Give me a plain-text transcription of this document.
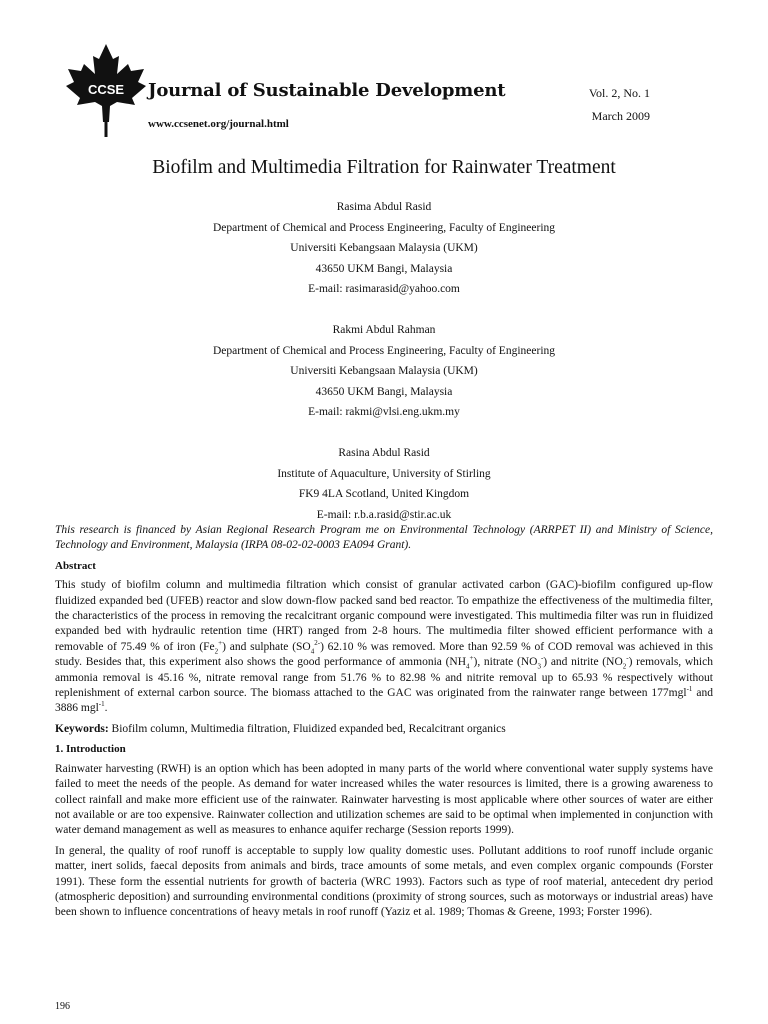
CCSE Journal of Sustainable Development
www.ccsenet.org/journal.html
Vol. 2, No. 1
March 2009
Biofilm and Multimedia Filtration for Rainwater Treatment
Rasima Abdul Rasid
Department of Chemical and Process Engineering, Faculty of Engineering
Universiti Kebangsaan Malaysia (UKM)
43650 UKM Bangi, Malaysia
E-mail: rasimarasid@yahoo.com
Rakmi Abdul Rahman
Department of Chemical and Process Engineering, Faculty of Engineering
Universiti Kebangsaan Malaysia (UKM)
43650 UKM Bangi, Malaysia
E-mail: rakmi@vlsi.eng.ukm.my
Rasina Abdul Rasid
Institute of Aquaculture, University of Stirling
FK9 4LA Scotland, United Kingdom
E-mail: r.b.a.rasid@stir.ac.uk

This research is financed by Asian Regional Research Program me on Environmental Technology (ARRPET II) and Ministry of Science, Technology and Environment, Malaysia (IRPA 08-02-02-0003 EA094 Grant).

Abstract

This study of biofilm column and multimedia filtration which consist of granular activated carbon (GAC)-biofilm configured up-flow fluidized expanded bed (UFEB) reactor and slow down-flow packed sand bed reactor. To empathize the effectiveness of the multimedia filter, the characteristics of the process in removing the recalcitrant organic compound were investigated. This multimedia filter was run in fluidized expanded bed with hydraulic retention time (HRT) ranged from 2-8 hours. The multimedia filter showed efficient performance with a removable of 75.49 % of iron $(Fe_2^+)$ and sulphate $(SO_4^{2-})$ 62.10 % was removed. More than 92.59 % of COD removal was achieved in this study. Besides that, this experiment also shows the good performance of ammonia $(NH_4^+)$, nitrate $(NO_3^-)$ and nitrite $(NO_2^-)$ removals, which ammonia removal is 45.16 %, nitrate removal range from 51.76 % to 82.98 % and nitrite removal up to 65.93 % respectively without replenishment of external carbon source. The biomass attached to the GAC was originated from the rainwater range between 177mgl$^{-1}$ and 3886 mgl$^{-1}$.

Keywords: Biofilm column, Multimedia filtration, Fluidized expanded bed, Recalcitrant organics

1. Introduction

Rainwater harvesting (RWH) is an option which has been adopted in many parts of the world where conventional water supply systems have failed to meet the needs of the people. As demand for water increased whiles the water resources is limited, there is a growing awareness to collect rainfall and make more efficient use of the rainwater. Rainwater harvesting is most applicable where other sources of water are either not available or are too expensive. Rainwater collection and utilization schemes are said to be optimal when implemented in conjunction with water demand management as well as measures to enhance aquifer recharge (Session reports 1999).

In general, the quality of roof runoff is acceptable to supply low quality domestic uses. Pollutant additions to roof runoff include organic matter, inert solids, faecal deposits from animals and birds, trace amounts of some metals, and even complex organic compounds (Forster 1991). These form the essential nutrients for growth of bacteria (WRC 1993). Factors such as type of roof material, antecedent dry period (atmospheric deposition) and surrounding environmental conditions (proximity of strong sources, such as motorways or industrial areas) have been shown to influence concentrations of heavy metals in roof runoff (Yaziz et al. 1989; Thomas & Greene, 1993; Forster 1996).

196
